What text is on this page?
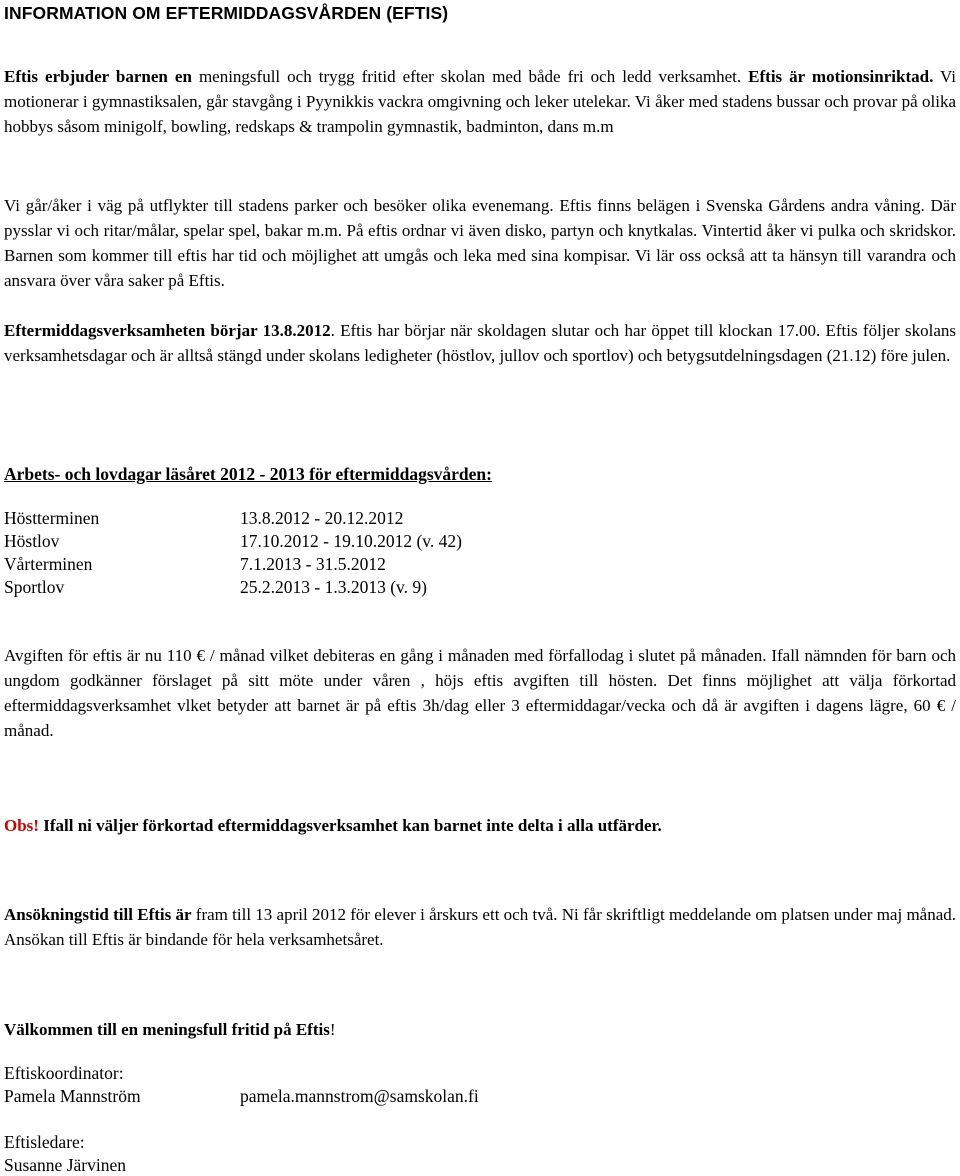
INFORMATION OM EFTERMIDDAGSVÅRDEN (EFTIS)

Eftis erbjuder barnen en meningsfull och trygg fritid efter skolan med både fri och ledd verksamhet. Eftis är motionsinriktad. Vi motionerar i gymnastiksalen, går stavgång i Pyynikkis vackra omgivning och leker utelekar. Vi åker med stadens bussar och provar på olika hobbys såsom minigolf, bowling, redskaps & trampolin gymnastik, badminton, dans m.m

Vi går/åker i väg på utflykter till stadens parker och besöker olika evenemang. Eftis finns belägen i Svenska Gårdens andra våning. Där pysslar vi och ritar/målar, spelar spel, bakar m.m. På eftis ordnar vi även disko, partyn och knytkalas. Vintertid åker vi pulka och skridskor. Barnen som kommer till eftis har tid och möjlighet att umgås och leka med sina kompisar. Vi lär oss också att ta hänsyn till varandra och ansvara över våra saker på Eftis.

Eftermiddagsverksamheten börjar 13.8.2012. Eftis har börjar när skoldagen slutar och har öppet till klockan 17.00. Eftis följer skolans verksamhetsdagar och är alltså stängd under skolans ledigheter (höstlov, jullov och sportlov) och betygsutdelningsdagen (21.12) före julen.

Arbets- och lovdagar läsåret 2012 - 2013 för eftermiddagsvården:
Höstterminen	13.8.2012 - 20.12.2012
Höstlov	17.10.2012 - 19.10.2012 (v. 42)
Vårterminen	7.1.2013 - 31.5.2012
Sportlov	25.2.2013 - 1.3.2013 (v. 9)

Avgiften för eftis är nu 110 € / månad vilket debiteras en gång i månaden med förfallodag i slutet på månaden. Ifall nämnden för barn och ungdom godkänner förslaget på sitt möte under våren , höjs eftis avgiften till hösten. Det finns möjlighet att välja förkortad eftermiddagsverksamhet vlket betyder att barnet är på eftis 3h/dag eller 3 eftermiddagar/vecka och då är avgiften i dagens lägre, 60 € / månad.

Obs! Ifall ni väljer förkortad eftermiddagsverksamhet kan barnet inte delta i alla utfärder.

Ansökningstid till Eftis är fram till 13 april 2012 för elever i årskurs ett och två. Ni får skriftligt meddelande om platsen under maj månad. Ansökan till Eftis är bindande för hela verksamhetsåret.

Välkommen till en meningsfull fritid på Eftis!

Eftiskoordinator:
Pamela Mannström	pamela.mannstrom@samskolan.fi
Eftisledare:
Susanne Järvinen
